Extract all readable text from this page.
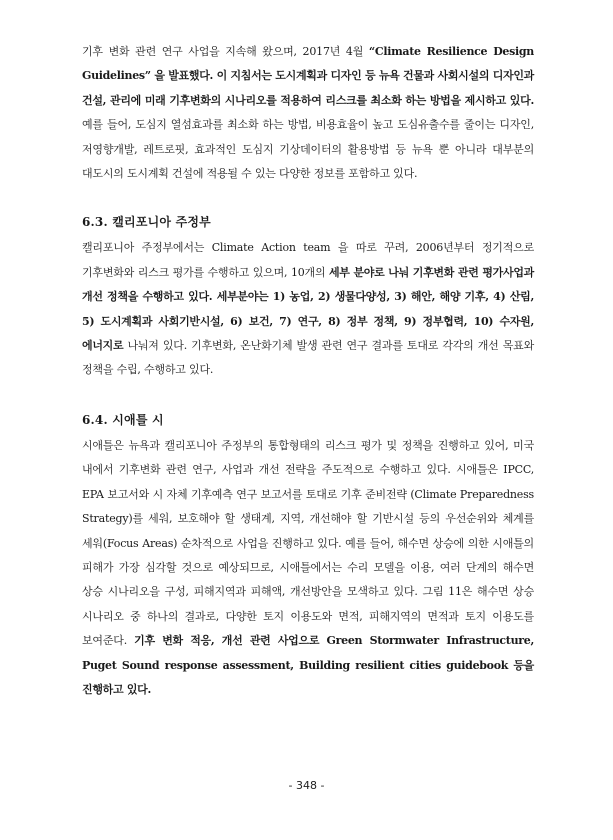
기후 변화 관련 연구 사업을 지속해 왔으며, 2017년 4월 “Climate Resilience Design Guidelines” 을 발표했다. 이 지침서는 도시계획과 디자인 등 뉴욕 건물과 사회시설의 디자인과 건설, 관리에 미래 기후변화의 시나리오를 적용하여 리스크를 최소화 하는 방법을 제시하고 있다. 예를 들어, 도심지 열섬효과를 최소화 하는 방법, 비용효율이 높고 도심유출수를 줄이는 디자인, 저영향개발, 레트로핏, 효과적인 도심지 기상데이터의 활용방법 등 뉴욕 뿐 아니라 대부분의 대도시의 도시계획 건설에 적용될 수 있는 다양한 정보를 포함하고 있다.

6.3. 캘리포니아 주정부

캘리포니아 주정부에서는 Climate Action team 을 따로 꾸려, 2006년부터 정기적으로 기후변화와 리스크 평가를 수행하고 있으며, 10개의 세부 분야로 나눠 기후변화 관련 평가사업과 개선 정책을 수행하고 있다. 세부분야는 1) 농업, 2) 생물다양성, 3) 해안, 해양 기후, 4) 산림, 5) 도시계획과 사회기반시설, 6) 보건, 7) 연구, 8) 정부 정책, 9) 정부협력, 10) 수자원, 에너지로 나눠져 있다. 기후변화, 온난화기체 발생 관련 연구 결과를 토대로 각각의 개선 목표와 정책을 수립, 수행하고 있다.

6.4. 시애틀 시

시애틀은 뉴욕과 캘리포니아 주정부의 통합형태의 리스크 평가 및 정책을 진행하고 있어, 미국 내에서 기후변화 관련 연구, 사업과 개선 전략을 주도적으로 수행하고 있다. 시애틀은 IPCC, EPA 보고서와 시 자체 기후예측 연구 보고서를 토대로 기후 준비전략 (Climate Preparedness Strategy)를 세워, 보호해야 할 생태계, 지역, 개선해야 할 기반시설 등의 우선순위와 체계를 세워(Focus Areas) 순차적으로 사업을 진행하고 있다. 예를 들어, 해수면 상승에 의한 시애틀의 피해가 가장 심각할 것으로 예상되므로, 시애틀에서는 수리 모델을 이용, 여러 단계의 해수면 상승 시나리오을 구성, 피해지역과 피해액, 개선방안을 모색하고 있다. 그림 11은 해수면 상승 시나리오 중 하나의 결과로, 다양한 토지 이용도와 면적, 피해지역의 면적과 토지 이용도를 보여준다. 기후 변화 적응, 개선 관련 사업으로 Green Stormwater Infrastructure, Puget Sound response assessment, Building resilient cities guidebook 등을 진행하고 있다.

- 348 -
